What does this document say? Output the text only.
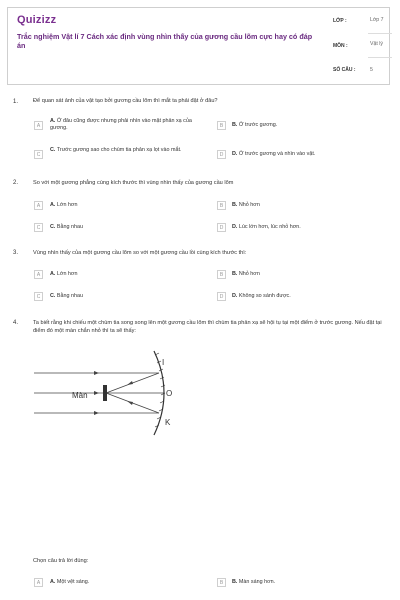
Quizizz
Trắc nghiệm Vật lí 7 Cách xác định vùng nhìn thấy của gương cầu lõm cực hay có đáp án
LỚP :	Lớp 7
MÔN :	Vật lý
SỐ CÂU :	5
1.	Để quan sát ảnh của vật tạo bởi gương cầu lõm thì mắt ta phải đặt ở đâu?
A
A. Ở đâu cũng được nhưng phải nhìn vào mặt phản xạ của gương.	B	B. Ở trước gương.
C
C. Trước gương sao cho chùm tia phản xạ lọt vào mắt.
D	D. Ở trước gương và nhìn vào vật.
2.	So với một gương phẳng cùng kích thước thì vùng nhìn thấy của gương cầu lõm
A	A. Lớn hơn	B	B. Nhỏ hơn
C	C. Bằng nhau	D	D. Lúc lớn hơn, lúc nhỏ hơn.
3.	Vùng nhìn thấy của một gương cầu lõm so với một gương cầu lồi cùng kích thước thì:
A	A. Lớn hơn	B	B. Nhỏ hơn
C	C. Bằng nhau	D	D. Không so sánh được.
4.	Ta biết rằng khi chiếu một chùm tia song song lên một gương cầu lõm thì chùm tia phản xạ sẽ hội tụ tại một điểm ở trước gương. Nếu đặt tại điểm đó một màn chắn nhỏ thì ta sẽ thấy:
Màn
I
O
K
Chọn câu trả lời đúng:
A	A. Một vệt sáng.	B	B. Màn sáng hơn.
